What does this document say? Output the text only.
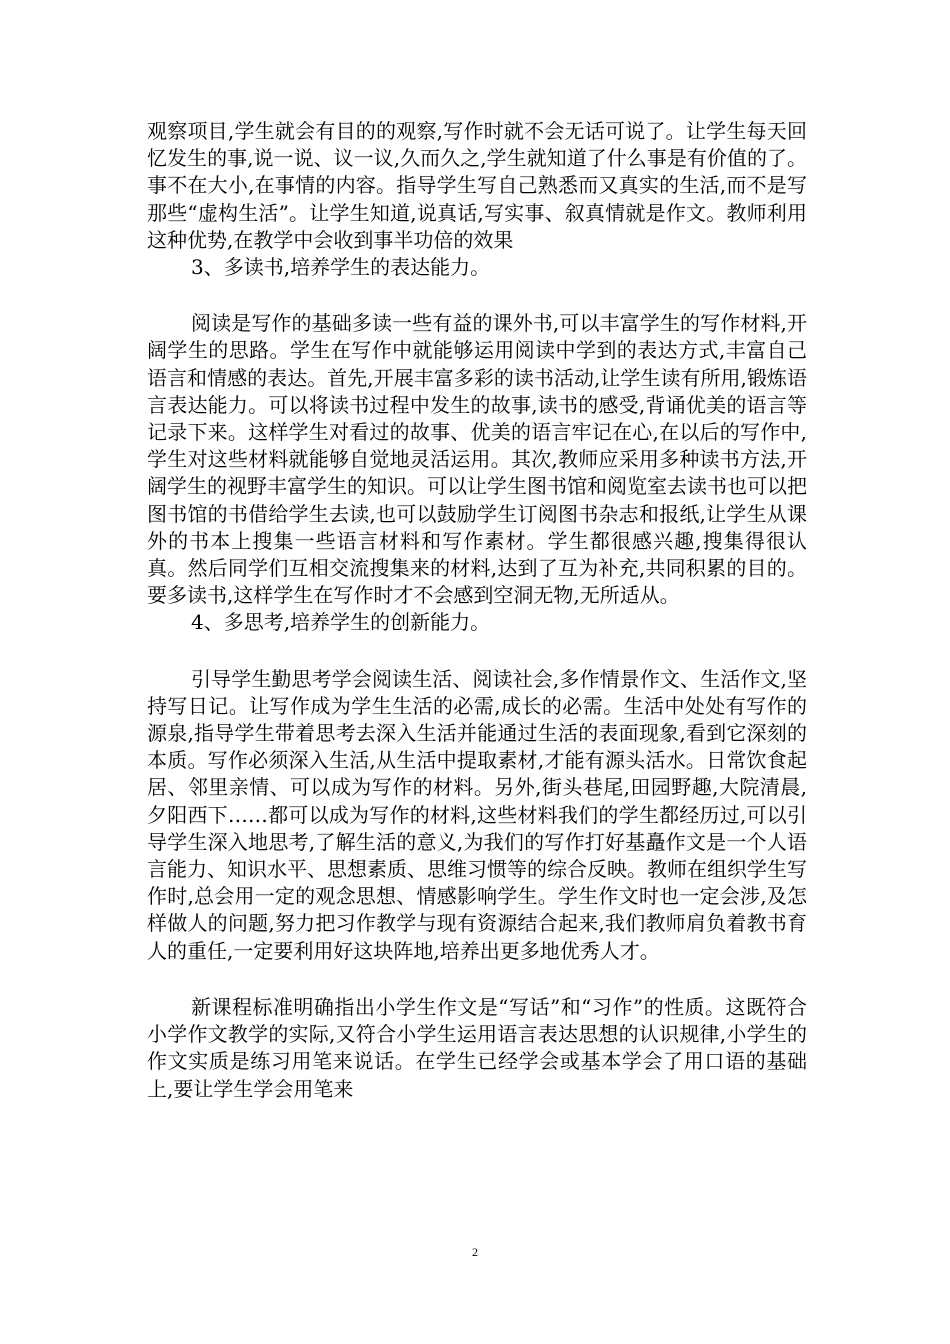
观察项目,学生就会有目的的观察,写作时就不会无话可说了。让学生每天回忆发生的事,说一说、议一议,久而久之,学生就知道了什么事是有价值的了。事不在大小,在事情的内容。指导学生写自己熟悉而又真实的生活,而不是写那些“虚构生活”。让学生知道,说真话,写实事、叙真情就是作文。教师利用这种优势,在教学中会收到事半功倍的效果

3、多读书,培养学生的表达能力。

阅读是写作的基础多读一些有益的课外书,可以丰富学生的写作材料,开阔学生的思路。学生在写作中就能够运用阅读中学到的表达方式,丰富自己语言和情感的表达。首先,开展丰富多彩的读书活动,让学生读有所用,锻炼语言表达能力。可以将读书过程中发生的故事,读书的感受,背诵优美的语言等记录下来。这样学生对看过的故事、优美的语言牢记在心,在以后的写作中,学生对这些材料就能够自觉地灵活运用。其次,教师应采用多种读书方法,开阔学生的视野丰富学生的知识。可以让学生图书馆和阅览室去读书也可以把图书馆的书借给学生去读,也可以鼓励学生订阅图书杂志和报纸,让学生从课外的书本上搜集一些语言材料和写作素材。学生都很感兴趣,搜集得很认真。然后同学们互相交流搜集来的材料,达到了互为补充,共同积累的目的。要多读书,这样学生在写作时才不会感到空洞无物,无所适从。

4、多思考,培养学生的创新能力。

引导学生勤思考学会阅读生活、阅读社会,多作情景作文、生活作文,坚持写日记。让写作成为学生生活的必需,成长的必需。生活中处处有写作的源泉,指导学生带着思考去深入生活并能通过生活的表面现象,看到它深刻的本质。写作必须深入生活,从生活中提取素材,才能有源头活水。日常饮食起居、邻里亲情、可以成为写作的材料。另外,街头巷尾,田园野趣,大院清晨,夕阳西下……都可以成为写作的材料,这些材料我们的学生都经历过,可以引导学生深入地思考,了解生活的意义,为我们的写作打好基矗作文是一个人语言能力、知识水平、思想素质、思维习惯等的综合反映。教师在组织学生写作时,总会用一定的观念思想、情感影响学生。学生作文时也一定会涉,及怎样做人的问题,努力把习作教学与现有资源结合起来,我们教师肩负着教书育人的重任,一定要利用好这块阵地,培养出更多地优秀人才。

新课程标准明确指出小学生作文是“写话”和“习作”的性质。这既符合小学作文教学的实际,又符合小学生运用语言表达思想的认识规律,小学生的作文实质是练习用笔来说话。在学生已经学会或基本学会了用口语的基础上,要让学生学会用笔来

2
